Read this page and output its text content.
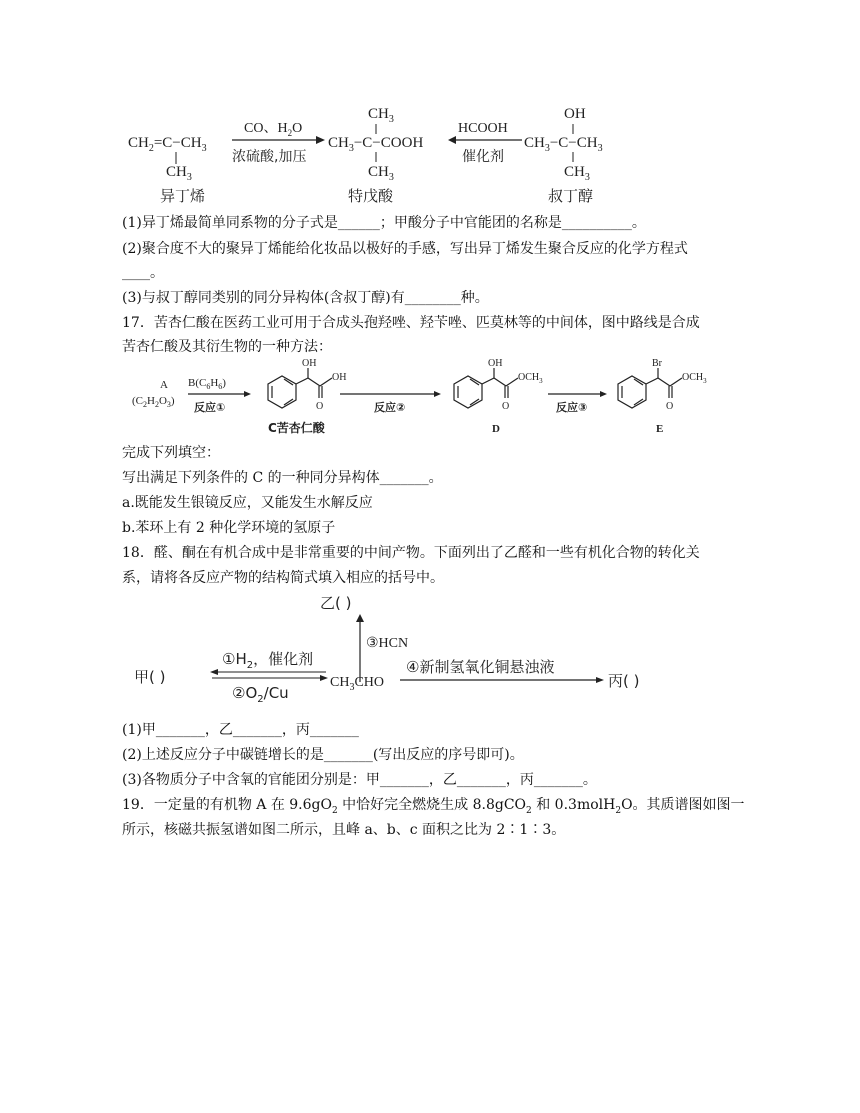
$CH_2=C-CH_3$
$CH_3$
异丁烯
CO、$H_2O$
浓硫酸,加压
$CH_3$
$CH_3-C-COOH$
$CH_3$
特戊酸
HCOOH
催化剂
OH
$CH_3-C-CH_3$
$CH_3$
叔丁醇
(1)异丁烯最简单同系物的分子式是______；甲酸分子中官能团的名称是__________。
(2)聚合度不大的聚异丁烯能给化妆品以极好的手感，写出异丁烯发生聚合反应的化学方程式
____。
(3)与叔丁醇同类别的同分异构体(含叔丁醇)有________种。
17．苦杏仁酸在医药工业可用于合成头孢羟唑、羟苄唑、匹莫林等的中间体，图中路线是合成
苦杏仁酸及其衍生物的一种方法：
A
$(C_2H_2O_3)$
$B(C_6H_6)$
反应①
OH
OH
O
C苦杏仁酸
反应②
OH
$OCH_3$
O
D
反应③
Br
$OCH_3$
O
E
完成下列填空：
写出满足下列条件的 C 的一种同分异构体_______。
a.既能发生银镜反应，又能发生水解反应
b.苯环上有 2 种化学环境的氢原子
18．醛、酮在有机合成中是非常重要的中间产物。下面列出了乙醛和一些有机化合物的转化关
系，请将各反应产物的结构简式填入相应的括号中。
乙( )
③HCN
甲( )
$①H_2$，催化剂
$②O_2/Cu$
$CH_3CHO$
④新制氢氧化铜悬浊液
丙( )
(1)甲_______，乙_______，丙_______
(2)上述反应分子中碳链增长的是_______(写出反应的序号即可)。
(3)各物质分子中含氧的官能团分别是：甲_______，乙_______，丙_______。
19．一定量的有机物 A 在 $9.6gO_2$ 中恰好完全燃烧生成 8.8gCO$_2$ 和 0.3molH$_2$O。其质谱图如图一
所示，核磁共振氢谱如图二所示，且峰 a、b、c 面积之比为 2∶1∶3。
